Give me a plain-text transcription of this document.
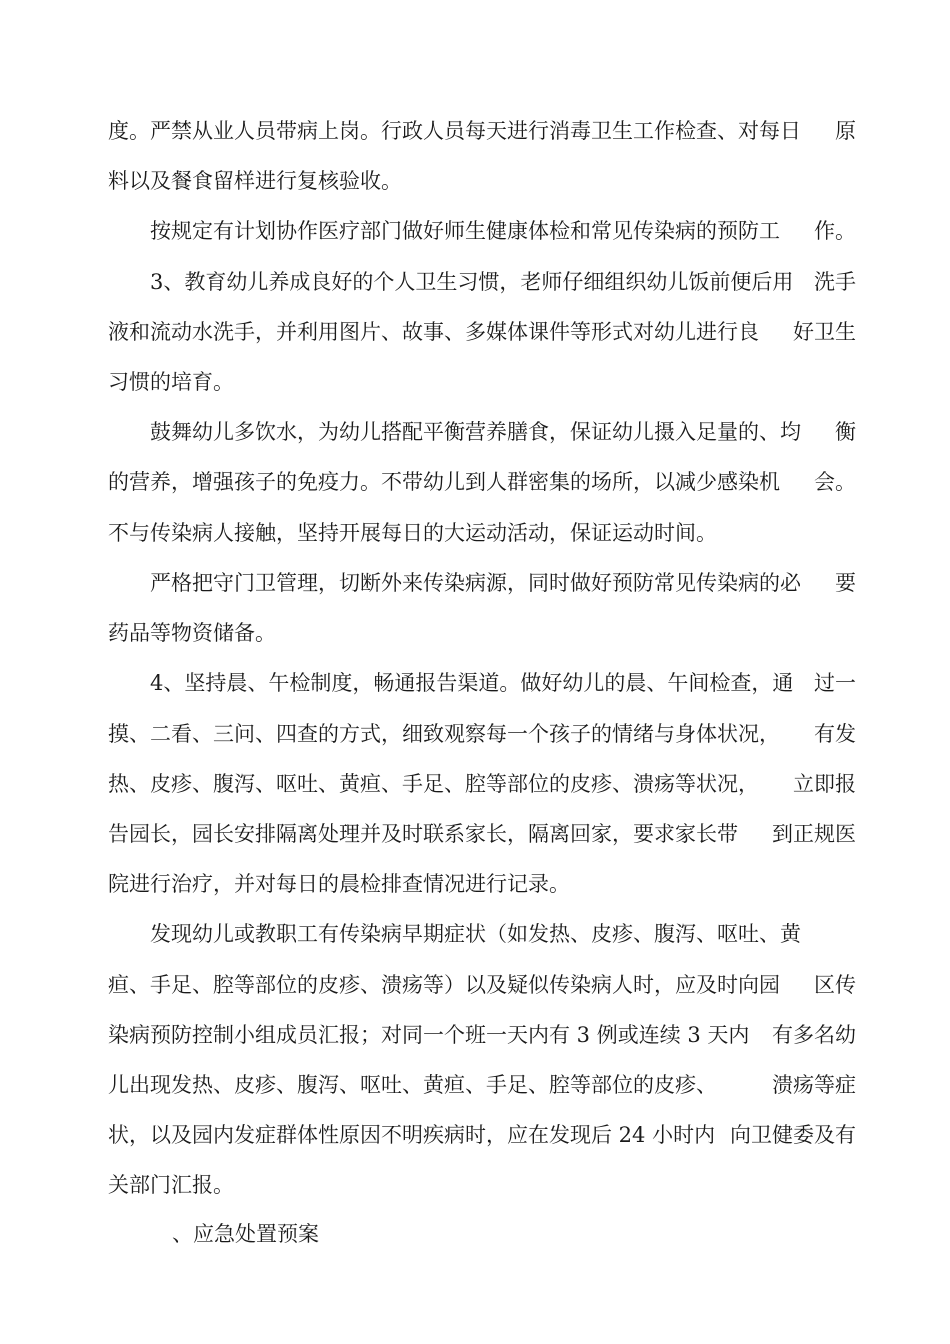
度。严禁从业人员带病上岗。行政人员每天进行消毒卫生工作检查、对每日 原
料以及餐食留样进行复核验收。
按规定有计划协作医疗部门做好师生健康体检和常见传染病的预防工 作。
3、教育幼儿养成良好的个人卫生习惯，老师仔细组织幼儿饭前便后用 洗手
液和流动水洗手，并利用图片、故事、多媒体课件等形式对幼儿进行良 好卫生
习惯的培育。
鼓舞幼儿多饮水，为幼儿搭配平衡营养膳食，保证幼儿摄入足量的、均 衡
的营养，增强孩子的免疫力。不带幼儿到人群密集的场所，以减少感染机 会。
不与传染病人接触，坚持开展每日的大运动活动，保证运动时间。
严格把守门卫管理，切断外来传染病源，同时做好预防常见传染病的必 要
药品等物资储备。
4、坚持晨、午检制度，畅通报告渠道。做好幼儿的晨、午间检查，通 过一
摸、二看、三问、四查的方式，细致观察每一个孩子的情绪与身体状况， 有发
热、皮疹、腹泻、呕吐、黄疸、手足、腔等部位的皮疹、溃疡等状况， 立即报
告园长，园长安排隔离处理并及时联系家长，隔离回家，要求家长带 到正规医
院进行治疗，并对每日的晨检排查情况进行记录。
发现幼儿或教职工有传染病早期症状（如发热、皮疹、腹泻、呕吐、黄
疸、手足、腔等部位的皮疹、溃疡等）以及疑似传染病人时，应及时向园 区传
染病预防控制小组成员汇报；对同一个班一天内有 3 例或连续 3 天内 有多名幼
儿出现发热、皮疹、腹泻、呕吐、黄疸、手足、腔等部位的皮疹、	溃疡等症
状，以及园内发症群体性原因不明疾病时，应在发现后 24 小时内 向卫健委及有
关部门汇报。
、应急处置预案
